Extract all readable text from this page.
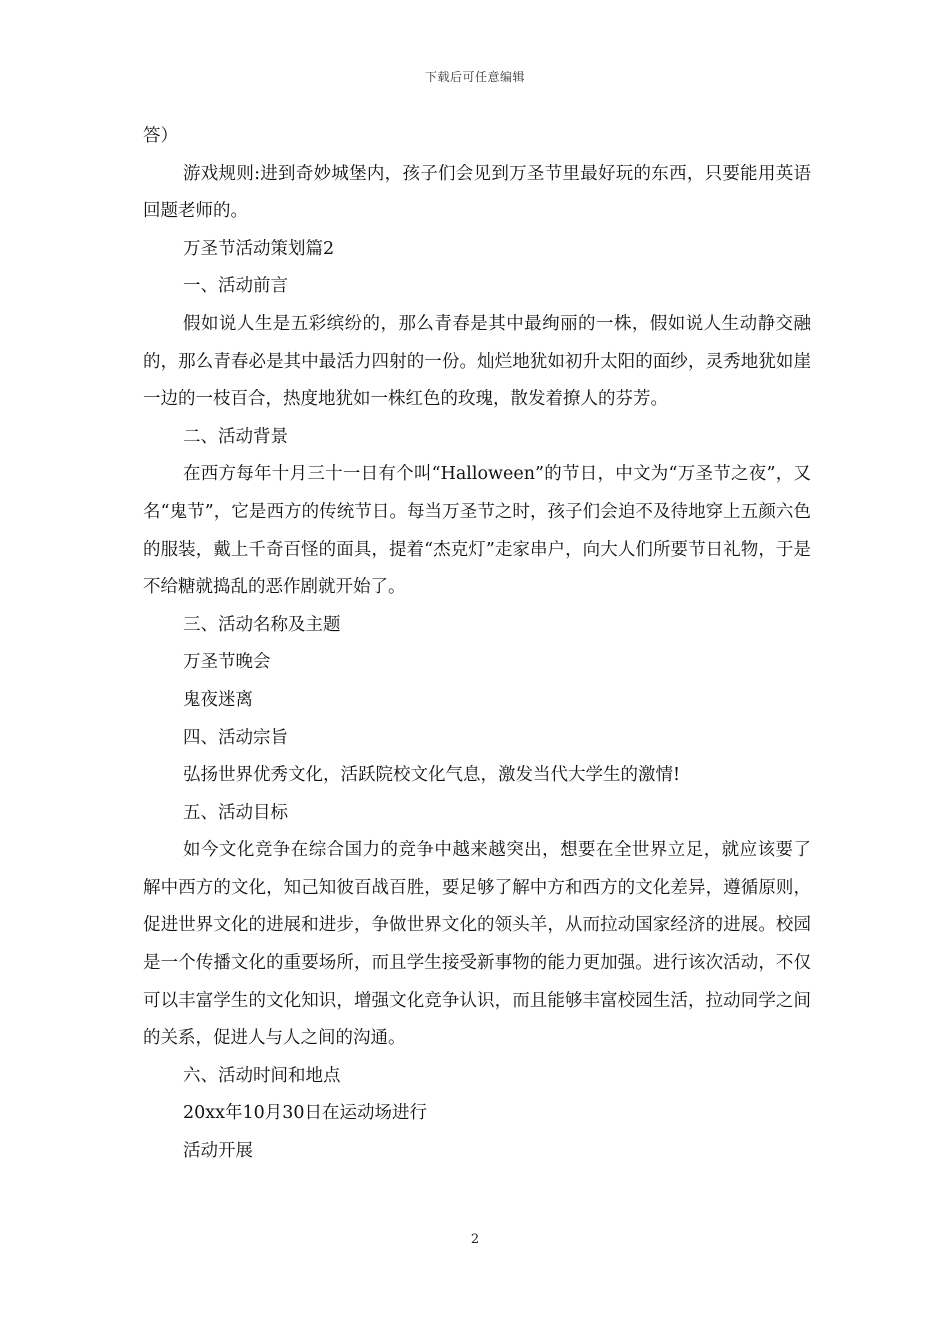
下载后可任意编辑

答）

游戏规则:进到奇妙城堡内，孩子们会见到万圣节里最好玩的东西，只要能用英语回题老师的。

万圣节活动策划篇2

一、活动前言

假如说人生是五彩缤纷的，那么青春是其中最绚丽的一株，假如说人生动静交融的，那么青春必是其中最活力四射的一份。灿烂地犹如初升太阳的面纱，灵秀地犹如崖一边的一枝百合，热度地犹如一株红色的玫瑰，散发着撩人的芬芳。

二、活动背景

在西方每年十月三十一日有个叫“Halloween”的节日，中文为“万圣节之夜”，又名“鬼节”，它是西方的传统节日。每当万圣节之时，孩子们会迫不及待地穿上五颜六色的服装，戴上千奇百怪的面具，提着“杰克灯”走家串户，向大人们所要节日礼物，于是不给糖就捣乱的恶作剧就开始了。

三、活动名称及主题

万圣节晚会

鬼夜迷离

四、活动宗旨

弘扬世界优秀文化，活跃院校文化气息，激发当代大学生的激情!

五、活动目标

如今文化竞争在综合国力的竞争中越来越突出，想要在全世界立足，就应该要了解中西方的文化，知己知彼百战百胜，要足够了解中方和西方的文化差异，遵循原则，促进世界文化的进展和进步，争做世界文化的领头羊，从而拉动国家经济的进展。校园是一个传播文化的重要场所，而且学生接受新事物的能力更加强。进行该次活动，不仅可以丰富学生的文化知识，增强文化竞争认识，而且能够丰富校园生活，拉动同学之间的关系，促进人与人之间的沟通。

六、活动时间和地点

20xx年10月30日在运动场进行

活动开展

2
